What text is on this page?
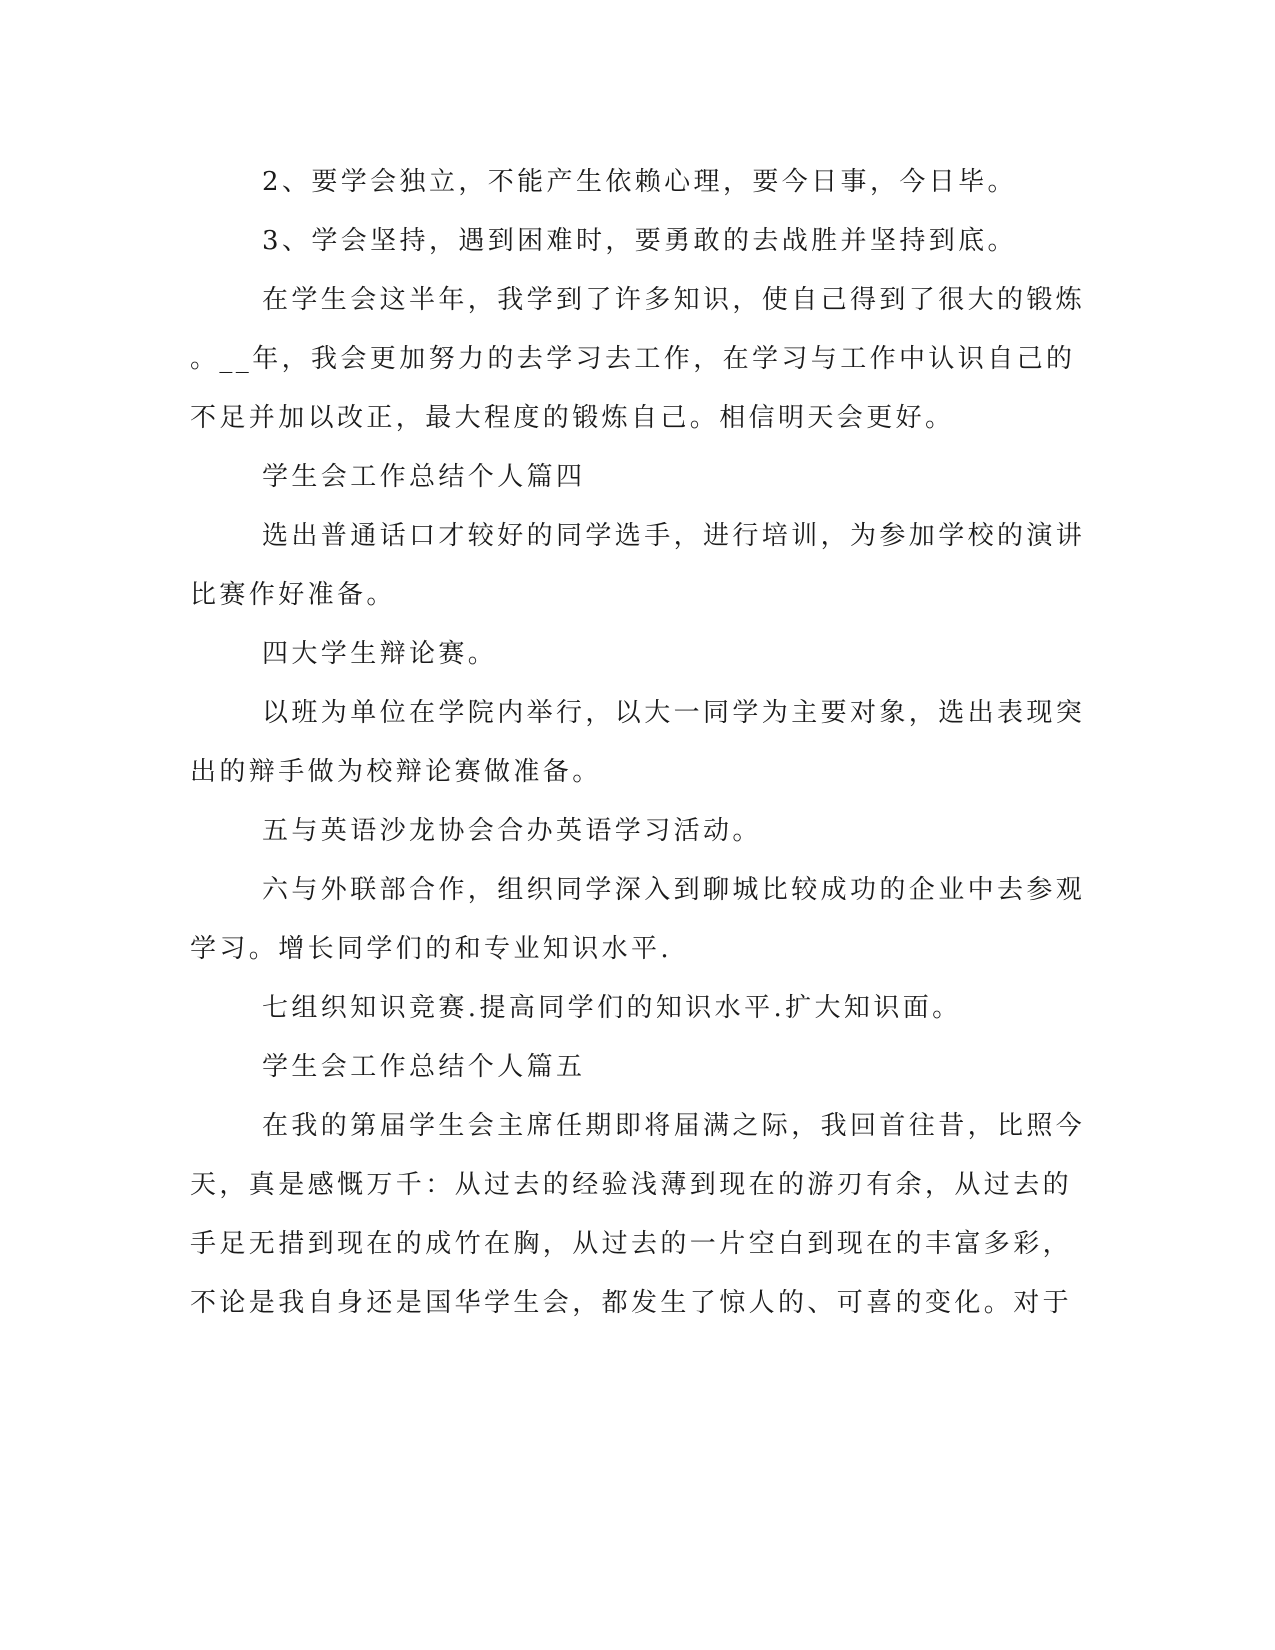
2、要学会独立，不能产生依赖心理，要今日事，今日毕。
3、学会坚持，遇到困难时，要勇敢的去战胜并坚持到底。
在学生会这半年，我学到了许多知识，使自己得到了很大的锻炼
。__年，我会更加努力的去学习去工作，在学习与工作中认识自己的
不足并加以改正，最大程度的锻炼自己。相信明天会更好。
学生会工作总结个人篇四
选出普通话口才较好的同学选手，进行培训，为参加学校的演讲
比赛作好准备。
四大学生辩论赛。
以班为单位在学院内举行，以大一同学为主要对象，选出表现突
出的辩手做为校辩论赛做准备。
五与英语沙龙协会合办英语学习活动。
六与外联部合作，组织同学深入到聊城比较成功的企业中去参观
学习。增长同学们的和专业知识水平.
七组织知识竞赛.提高同学们的知识水平.扩大知识面。
学生会工作总结个人篇五
在我的第届学生会主席任期即将届满之际，我回首往昔，比照今
天，真是感慨万千：从过去的经验浅薄到现在的游刃有余，从过去的
手足无措到现在的成竹在胸，从过去的一片空白到现在的丰富多彩，
不论是我自身还是国华学生会，都发生了惊人的、可喜的变化。对于
